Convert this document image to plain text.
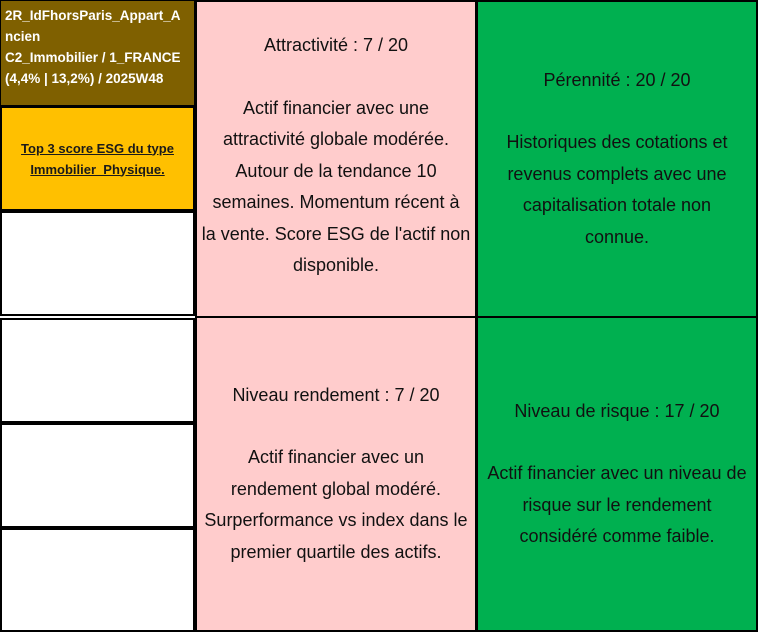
2R_IdFhorsParis_Appart_A
ncien
C2_Immobilier / 1_FRANCE
(4,4% | 13,2%) / 2025W48
Top 3 score ESG du type Immobilier_Physique.
Attractivité : 7 / 20
Actif financier avec une
attractivité globale modérée.
Autour de la tendance 10
semaines. Momentum récent à
la vente. Score ESG de l'actif non
disponible.
Pérennité : 20 / 20
Historiques des cotations et
revenus complets avec une
capitalisation totale non
connue.
Niveau rendement : 7 / 20
Actif financier avec un
rendement global modéré.
Surperformance vs index dans le
premier quartile des actifs.
Niveau de risque : 17 / 20
Actif financier avec un niveau de
risque sur le rendement
considéré comme faible.
